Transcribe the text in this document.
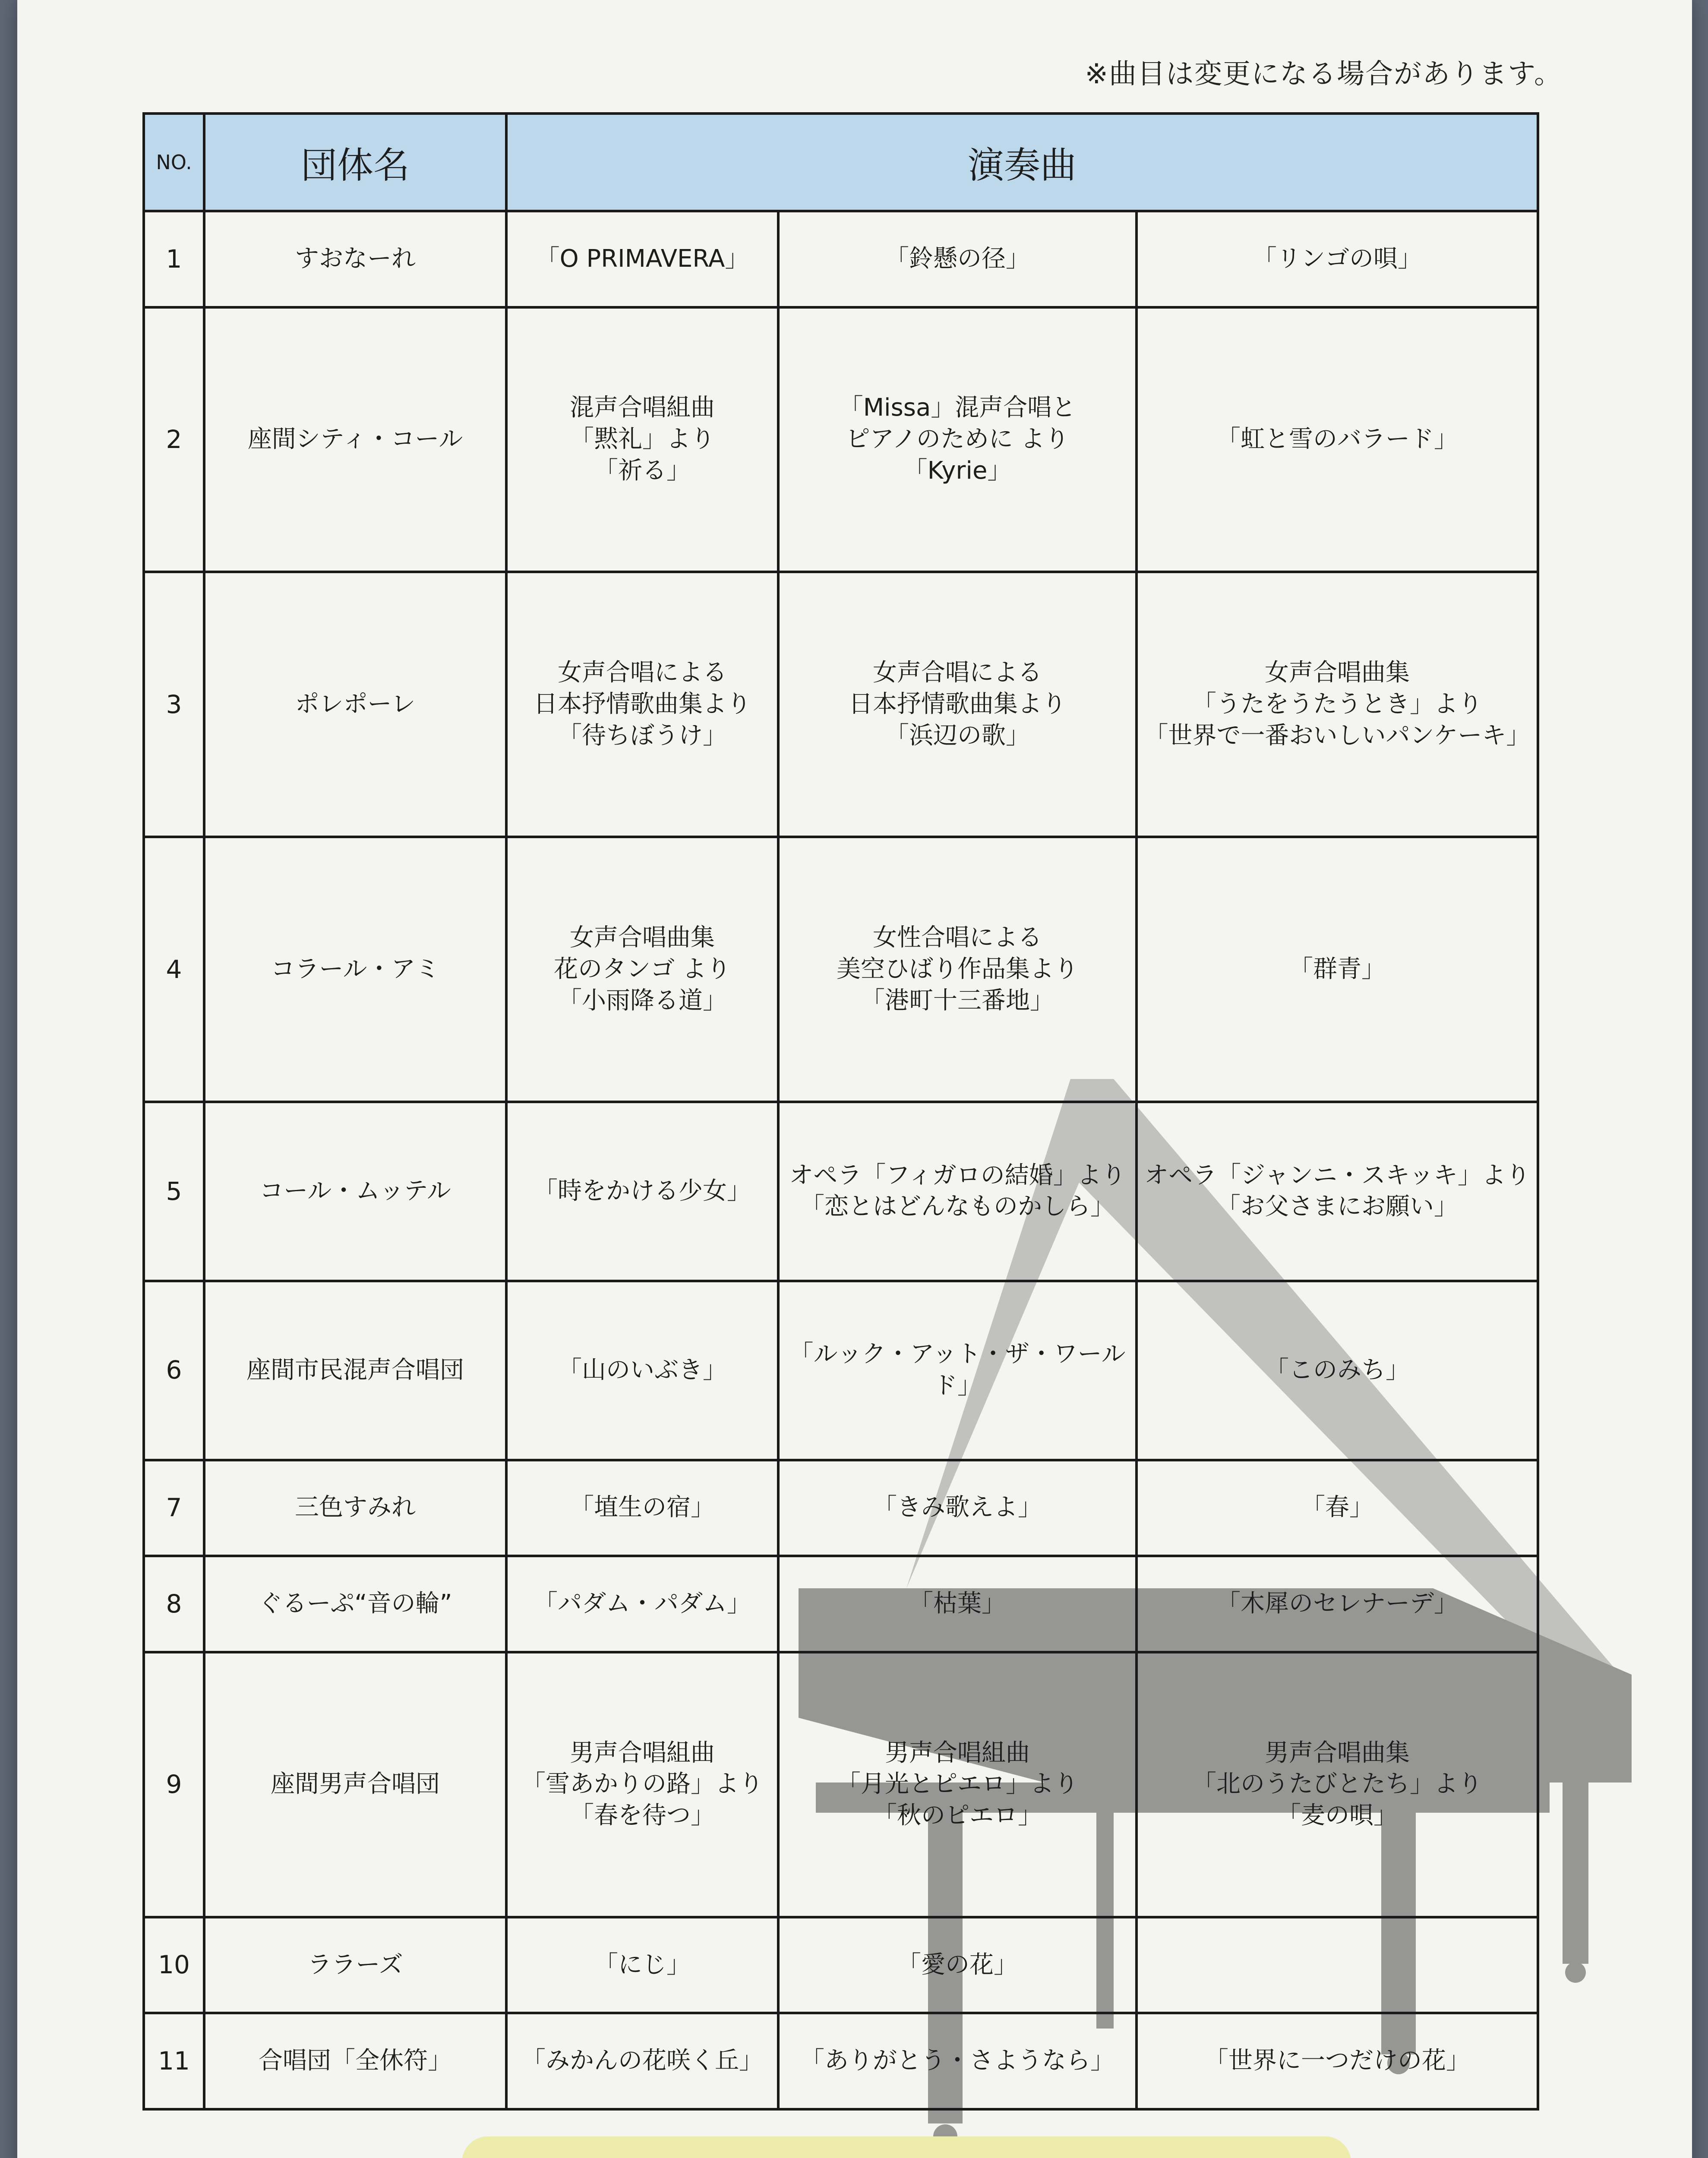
※曲目は変更になる場合があります。
NO.	団体名	演奏曲		
1	すおなーれ	「O PRIMAVERA」	「鈴懸の径」	「リンゴの唄」
2	座間シティ・コール	混声合唱組曲
「黙礼」より
「祈る」	「Missa」混声合唱と
ピアノのために より
「Kyrie」	「虹と雪のバラード」
3	ポレポーレ	女声合唱による
日本抒情歌曲集より
「待ちぼうけ」	女声合唱による
日本抒情歌曲集より
「浜辺の歌」	女声合唱曲集
「うたをうたうとき」より
「世界で一番おいしいパンケーキ」
4	コラール・アミ	女声合唱曲集
花のタンゴ より
「小雨降る道」	女性合唱による
美空ひばり作品集より
「港町十三番地」	「群青」
5	コール・ムッテル	「時をかける少女」	オペラ「フィガロの結婚」より
「恋とはどんなものかしら」	オペラ「ジャンニ・スキッキ」より
「お父さまにお願い」
6	座間市民混声合唱団	「山のいぶき」	「ルック・アット・ザ・ワールド」	「このみち」
7	三色すみれ	「埴生の宿」	「きみ歌えよ」	「春」
8	ぐるーぷ“音の輪”	「パダム・パダム」	「枯葉」	「木犀のセレナーデ」
9	座間男声合唱団	男声合唱組曲
「雪あかりの路」より
「春を待つ」	男声合唱組曲
「月光とピエロ」より
「秋のピエロ」	男声合唱曲集
「北のうたびとたち」より
「麦の唄」
10	ララーズ	「にじ」	「愛の花」	
11	合唱団「全休符」	「みかんの花咲く丘」	「ありがとう・さようなら」	「世界に一つだけの花」
